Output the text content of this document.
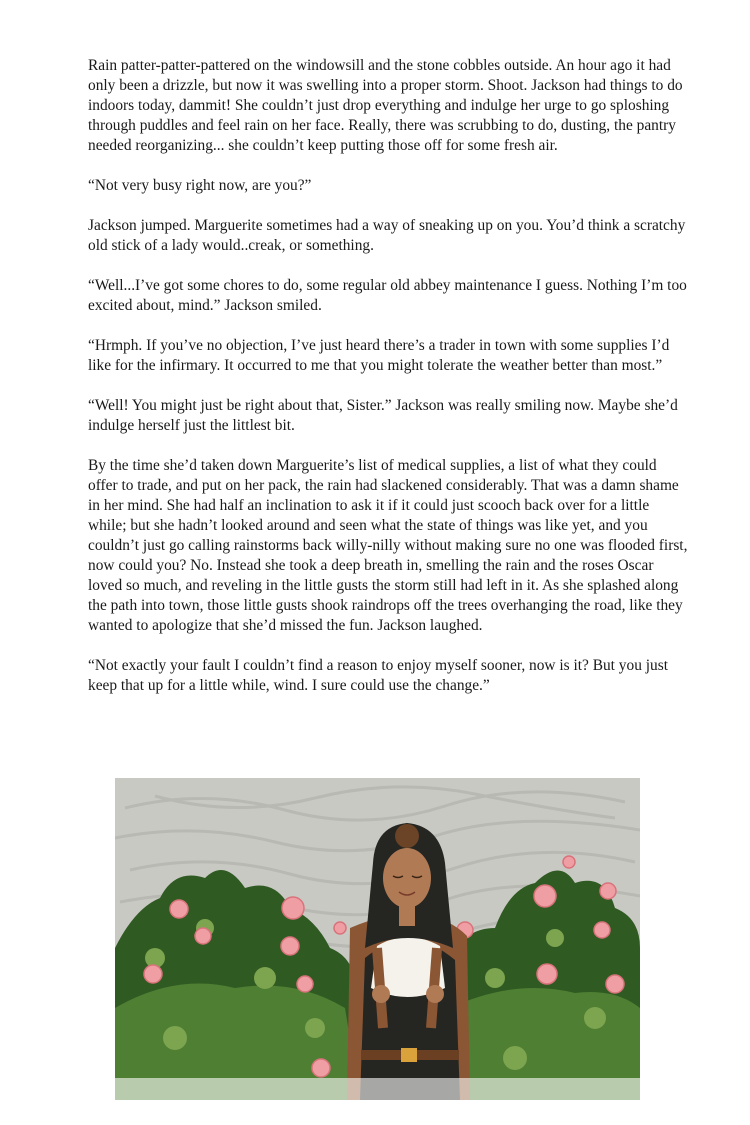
Rain patter-patter-pattered on the windowsill and the stone cobbles outside. An hour ago it had only been a drizzle, but now it was swelling into a proper storm. Shoot. Jackson had things to do indoors today, dammit! She couldn’t just drop everything and indulge her urge to go sploshing through puddles and feel rain on her face. Really, there was scrubbing to do, dusting, the pantry needed reorganizing... she couldn’t keep putting those off for some fresh air.

“Not very busy right now, are you?”

Jackson jumped. Marguerite sometimes had a way of sneaking up on you. You’d think a scratchy old stick of a lady would..creak, or something.

“Well...I’ve got some chores to do, some regular old abbey maintenance I guess. Nothing I’m too excited about, mind.” Jackson smiled.

“Hrmph. If you’ve no objection, I’ve just heard there’s a trader in town with some supplies I’d like for the infirmary. It occurred to me that you might tolerate the weather better than most.”

“Well! You might just be right about that, Sister.” Jackson was really smiling now. Maybe she’d indulge herself just the littlest bit.

By the time she’d taken down Marguerite’s list of medical supplies, a list of what they could offer to trade, and put on her pack, the rain had slackened considerably. That was a damn shame in her mind. She had half an inclination to ask it if it could just scooch back over for a little while; but she hadn’t looked around and seen what the state of things was like yet, and you couldn’t just go calling rainstorms back willy-nilly without making sure no one was flooded first, now could you? No. Instead she took a deep breath in, smelling the rain and the roses Oscar loved so much, and reveling in the little gusts the storm still had left in it. As she splashed along the path into town, those little gusts shook raindrops off the trees overhanging the road, like they wanted to apologize that she’d missed the fun. Jackson laughed.

“Not exactly your fault I couldn’t find a reason to enjoy myself sooner, now is it? But you just keep that up for a little while, wind. I sure could use the change.”
